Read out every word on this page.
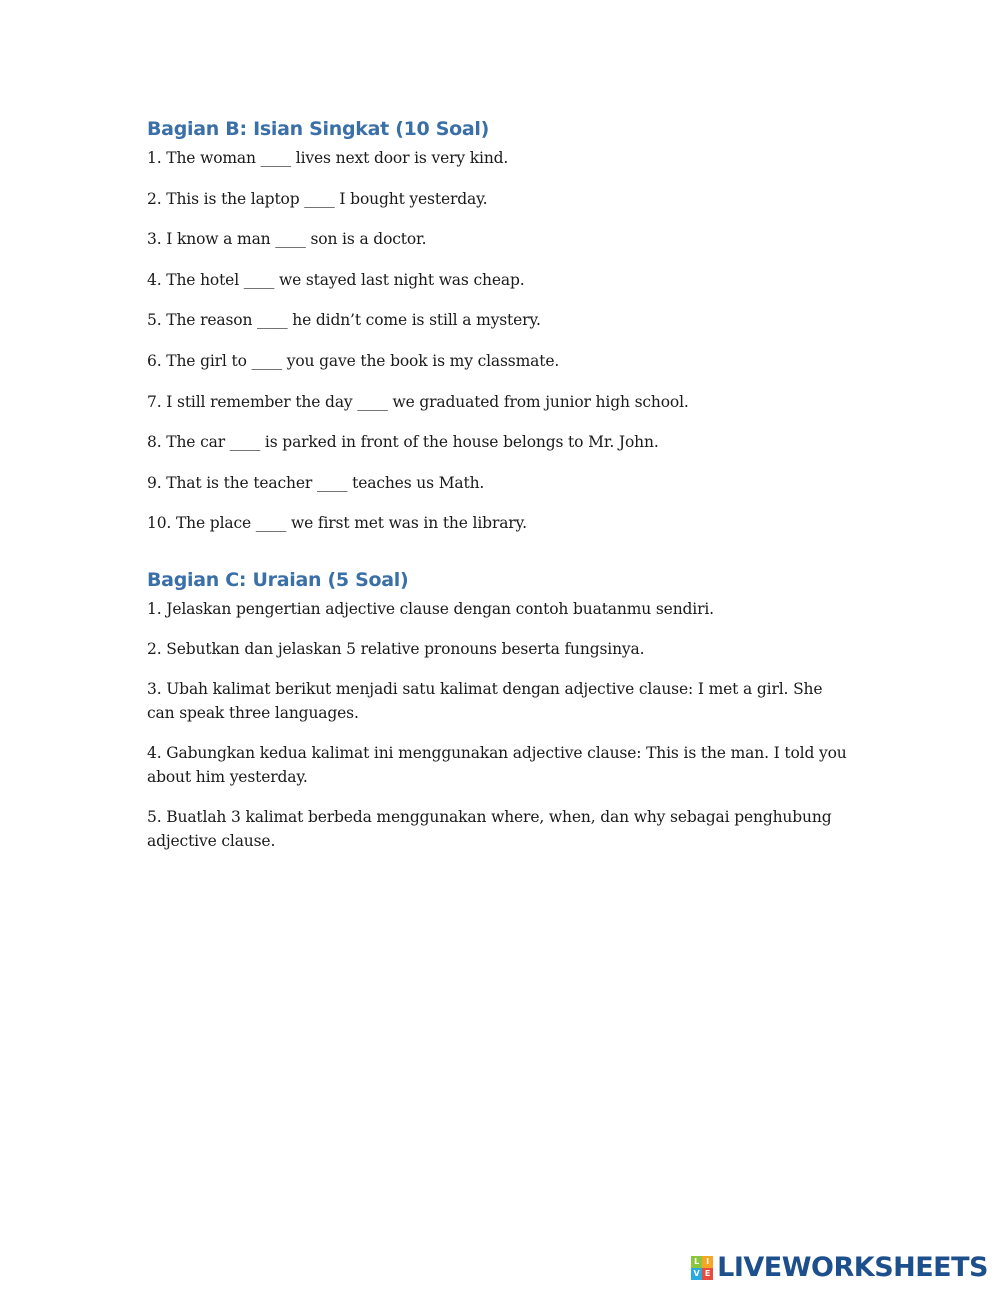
Bagian B: Isian Singkat (10 Soal)

1. The woman ____ lives next door is very kind.

2. This is the laptop ____ I bought yesterday.

3. I know a man ____ son is a doctor.

4. The hotel ____ we stayed last night was cheap.

5. The reason ____ he didn’t come is still a mystery.

6. The girl to ____ you gave the book is my classmate.

7. I still remember the day ____ we graduated from junior high school.

8. The car ____ is parked in front of the house belongs to Mr. John.

9. That is the teacher ____ teaches us Math.

10. The place ____ we first met was in the library.

Bagian C: Uraian (5 Soal)

1. Jelaskan pengertian adjective clause dengan contoh buatanmu sendiri.

2. Sebutkan dan jelaskan 5 relative pronouns beserta fungsinya.

3. Ubah kalimat berikut menjadi satu kalimat dengan adjective clause: I met a girl. She can speak three languages.

4. Gabungkan kedua kalimat ini menggunakan adjective clause: This is the man. I told you about him yesterday.

5. Buatlah 3 kalimat berbeda menggunakan where, when, dan why sebagai penghubung adjective clause.

L I
V E LIVEWORKSHEETS
